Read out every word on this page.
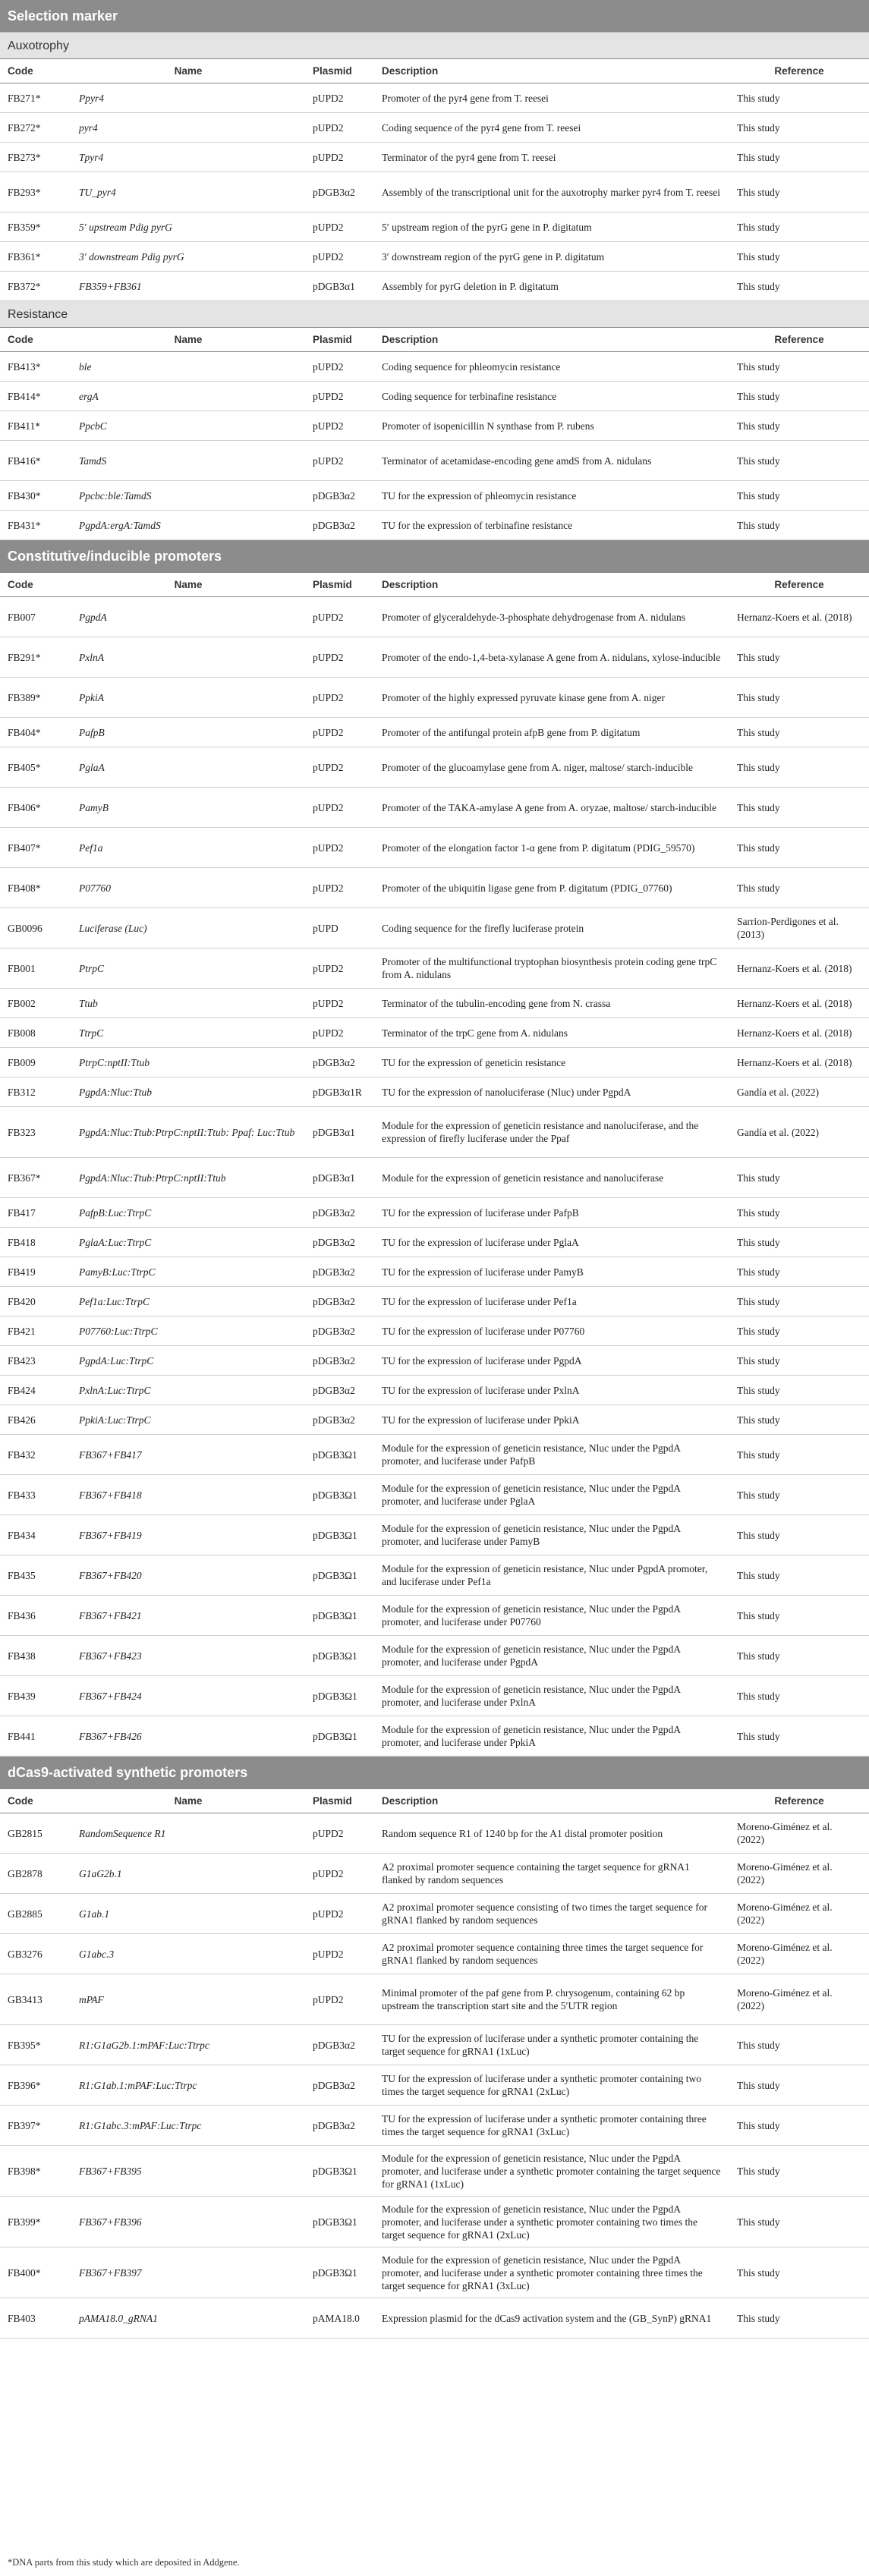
Selection marker				
Auxotrophy				
Code	Name	Plasmid	Description	Reference
FB271*	Ppyr4	pUPD2	Promoter of the pyr4 gene from T. reesei	This study
FB272*	pyr4	pUPD2	Coding sequence of the pyr4 gene from T. reesei	This study
FB273*	Tpyr4	pUPD2	Terminator of the pyr4 gene from T. reesei	This study
FB293*	TU_pyr4	pDGB3α2	Assembly of the transcriptional unit for the auxotrophy marker pyr4 from T. reesei	This study
FB359*	5′ upstream Pdig pyrG	pUPD2	5′ upstream region of the pyrG gene in P. digitatum	This study
FB361*	3′ downstream Pdig pyrG	pUPD2	3′ downstream region of the pyrG gene in P. digitatum	This study
FB372*	FB359+FB361	pDGB3α1	Assembly for pyrG deletion in P. digitatum	This study
Resistance				
Code	Name	Plasmid	Description	Reference
FB413*	ble	pUPD2	Coding sequence for phleomycin resistance	This study
FB414*	ergA	pUPD2	Coding sequence for terbinafine resistance	This study
FB411*	PpcbC	pUPD2	Promoter of isopenicillin N synthase from P. rubens	This study
FB416*	TamdS	pUPD2	Terminator of acetamidase-encoding gene amdS from A. nidulans	This study
FB430*	Ppcbc:ble:TamdS	pDGB3α2	TU for the expression of phleomycin resistance	This study
FB431*	PgpdA:ergA:TamdS	pDGB3α2	TU for the expression of terbinafine resistance	This study
Constitutive/inducible promoters				
Code	Name	Plasmid	Description	Reference
FB007	PgpdA	pUPD2	Promoter of glyceraldehyde-3-phosphate dehydrogenase from A. nidulans	Hernanz-Koers et al. (2018)
FB291*	PxlnA	pUPD2	Promoter of the endo-1,4-beta-xylanase A gene from A. nidulans, xylose-inducible	This study
FB389*	PpkiA	pUPD2	Promoter of the highly expressed pyruvate kinase gene from A. niger	This study
FB404*	PafpB	pUPD2	Promoter of the antifungal protein afpB gene from P. digitatum	This study
FB405*	PglaA	pUPD2	Promoter of the glucoamylase gene from A. niger, maltose/ starch-inducible	This study
FB406*	PamyB	pUPD2	Promoter of the TAKA-amylase A gene from A. oryzae, maltose/ starch-inducible	This study
FB407*	Pef1a	pUPD2	Promoter of the elongation factor 1-α gene from P. digitatum (PDIG_59570)	This study
FB408*	P07760	pUPD2	Promoter of the ubiquitin ligase gene from P. digitatum (PDIG_07760)	This study
GB0096	Luciferase (Luc)	pUPD	Coding sequence for the firefly luciferase protein	Sarrion-Perdigones et al. (2013)
FB001	PtrpC	pUPD2	Promoter of the multifunctional tryptophan biosynthesis protein coding gene trpC from A. nidulans	Hernanz-Koers et al. (2018)
FB002	Ttub	pUPD2	Terminator of the tubulin-encoding gene from N. crassa	Hernanz-Koers et al. (2018)
FB008	TtrpC	pUPD2	Terminator of the trpC gene from A. nidulans	Hernanz-Koers et al. (2018)
FB009	PtrpC:nptII:Ttub	pDGB3α2	TU for the expression of geneticin resistance	Hernanz-Koers et al. (2018)
FB312	PgpdA:Nluc:Ttub	pDGB3α1R	TU for the expression of nanoluciferase (Nluc) under PgpdA	Gandía et al. (2022)
FB323	PgpdA:Nluc:Ttub:PtrpC:nptII:Ttub: Ppaf: Luc:Ttub	pDGB3α1	Module for the expression of geneticin resistance and nanoluciferase, and the expression of firefly luciferase under the Ppaf	Gandía et al. (2022)
FB367*	PgpdA:Nluc:Ttub:PtrpC:nptII:Ttub	pDGB3α1	Module for the expression of geneticin resistance and nanoluciferase	This study
FB417	PafpB:Luc:TtrpC	pDGB3α2	TU for the expression of luciferase under PafpB	This study
FB418	PglaA:Luc:TtrpC	pDGB3α2	TU for the expression of luciferase under PglaA	This study
FB419	PamyB:Luc:TtrpC	pDGB3α2	TU for the expression of luciferase under PamyB	This study
FB420	Pef1a:Luc:TtrpC	pDGB3α2	TU for the expression of luciferase under Pef1a	This study
FB421	P07760:Luc:TtrpC	pDGB3α2	TU for the expression of luciferase under P07760	This study
FB423	PgpdA:Luc:TtrpC	pDGB3α2	TU for the expression of luciferase under PgpdA	This study
FB424	PxlnA:Luc:TtrpC	pDGB3α2	TU for the expression of luciferase under PxlnA	This study
FB426	PpkiA:Luc:TtrpC	pDGB3α2	TU for the expression of luciferase under PpkiA	This study
FB432	FB367+FB417	pDGB3Ω1	Module for the expression of geneticin resistance, Nluc under the PgpdA promoter, and luciferase under PafpB	This study
FB433	FB367+FB418	pDGB3Ω1	Module for the expression of geneticin resistance, Nluc under the PgpdA promoter, and luciferase under PglaA	This study
FB434	FB367+FB419	pDGB3Ω1	Module for the expression of geneticin resistance, Nluc under the PgpdA promoter, and luciferase under PamyB	This study
FB435	FB367+FB420	pDGB3Ω1	Module for the expression of geneticin resistance, Nluc under PgpdA promoter, and luciferase under Pef1a	This study
FB436	FB367+FB421	pDGB3Ω1	Module for the expression of geneticin resistance, Nluc under the PgpdA promoter, and luciferase under P07760	This study
FB438	FB367+FB423	pDGB3Ω1	Module for the expression of geneticin resistance, Nluc under the PgpdA promoter, and luciferase under PgpdA	This study
FB439	FB367+FB424	pDGB3Ω1	Module for the expression of geneticin resistance, Nluc under the PgpdA promoter, and luciferase under PxlnA	This study
FB441	FB367+FB426	pDGB3Ω1	Module for the expression of geneticin resistance, Nluc under the PgpdA promoter, and luciferase under PpkiA	This study
dCas9-activated synthetic promoters				
Code	Name	Plasmid	Description	Reference
GB2815	RandomSequence R1	pUPD2	Random sequence R1 of 1240 bp for the A1 distal promoter position	Moreno-Giménez et al. (2022)
GB2878	G1aG2b.1	pUPD2	A2 proximal promoter sequence containing the target sequence for gRNA1 flanked by random sequences	Moreno-Giménez et al. (2022)
GB2885	G1ab.1	pUPD2	A2 proximal promoter sequence consisting of two times the target sequence for gRNA1 flanked by random sequences	Moreno-Giménez et al. (2022)
GB3276	G1abc.3	pUPD2	A2 proximal promoter sequence containing three times the target sequence for gRNA1 flanked by random sequences	Moreno-Giménez et al. (2022)
GB3413	mPAF	pUPD2	Minimal promoter of the paf gene from P. chrysogenum, containing 62 bp upstream the transcription start site and the 5′UTR region	Moreno-Giménez et al. (2022)
FB395*	R1:G1aG2b.1:mPAF:Luc:Ttrpc	pDGB3α2	TU for the expression of luciferase under a synthetic promoter containing the target sequence for gRNA1 (1xLuc)	This study
FB396*	R1:G1ab.1:mPAF:Luc:Ttrpc	pDGB3α2	TU for the expression of luciferase under a synthetic promoter containing two times the target sequence for gRNA1 (2xLuc)	This study
FB397*	R1:G1abc.3:mPAF:Luc:Ttrpc	pDGB3α2	TU for the expression of luciferase under a synthetic promoter containing three times the target sequence for gRNA1 (3xLuc)	This study
FB398*	FB367+FB395	pDGB3Ω1	Module for the expression of geneticin resistance, Nluc under the PgpdA promoter, and luciferase under a synthetic promoter containing the target sequence for gRNA1 (1xLuc)	This study
FB399*	FB367+FB396	pDGB3Ω1	Module for the expression of geneticin resistance, Nluc under the PgpdA promoter, and luciferase under a synthetic promoter containing two times the target sequence for gRNA1 (2xLuc)	This study
FB400*	FB367+FB397	pDGB3Ω1	Module for the expression of geneticin resistance, Nluc under the PgpdA promoter, and luciferase under a synthetic promoter containing three times the target sequence for gRNA1 (3xLuc)	This study
FB403	pAMA18.0_gRNA1	pAMA18.0	Expression plasmid for the dCas9 activation system and the (GB_SynP) gRNA1	This study
*DNA parts from this study which are deposited in Addgene.
